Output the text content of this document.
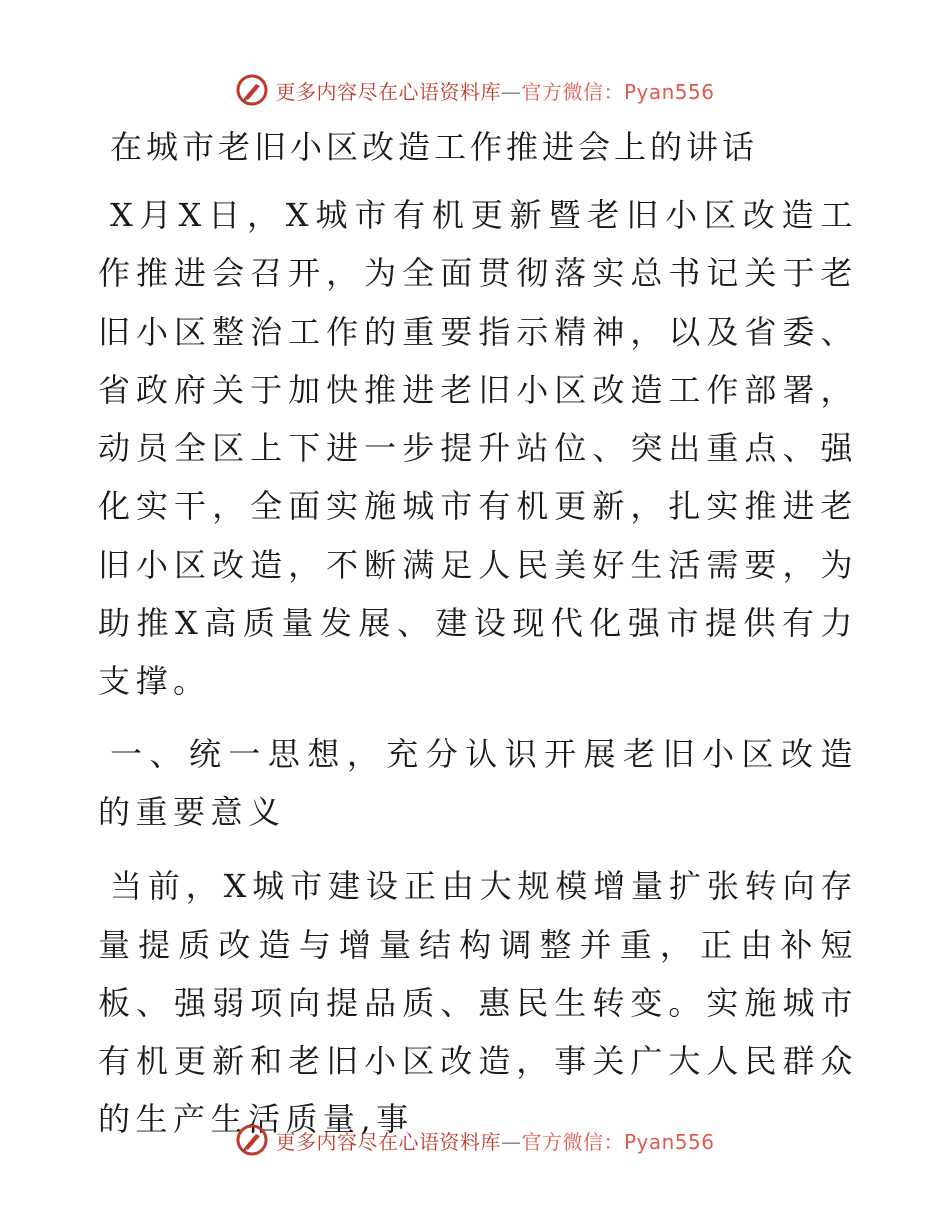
更多内容尽在心语资料库—官方微信：Pyan556
在城市老旧小区改造工作推进会上的讲话

X月X日，X城市有机更新暨老旧小区改造工作推进会召开，为全面贯彻落实总书记关于老旧小区整治工作的重要指示精神，以及省委、省政府关于加快推进老旧小区改造工作部署，动员全区上下进一步提升站位、突出重点、强化实干，全面实施城市有机更新，扎实推进老旧小区改造，不断满足人民美好生活需要，为助推X高质量发展、建设现代化强市提供有力支撑。

一、统一思想，充分认识开展老旧小区改造的重要意义

当前，X城市建设正由大规模增量扩张转向存量提质改造与增量结构调整并重，正由补短板、强弱项向提品质、惠民生转变。实施城市有机更新和老旧小区改造，事关广大人民群众的生产生活质量,事

更多内容尽在心语资料库—官方微信：Pyan556
